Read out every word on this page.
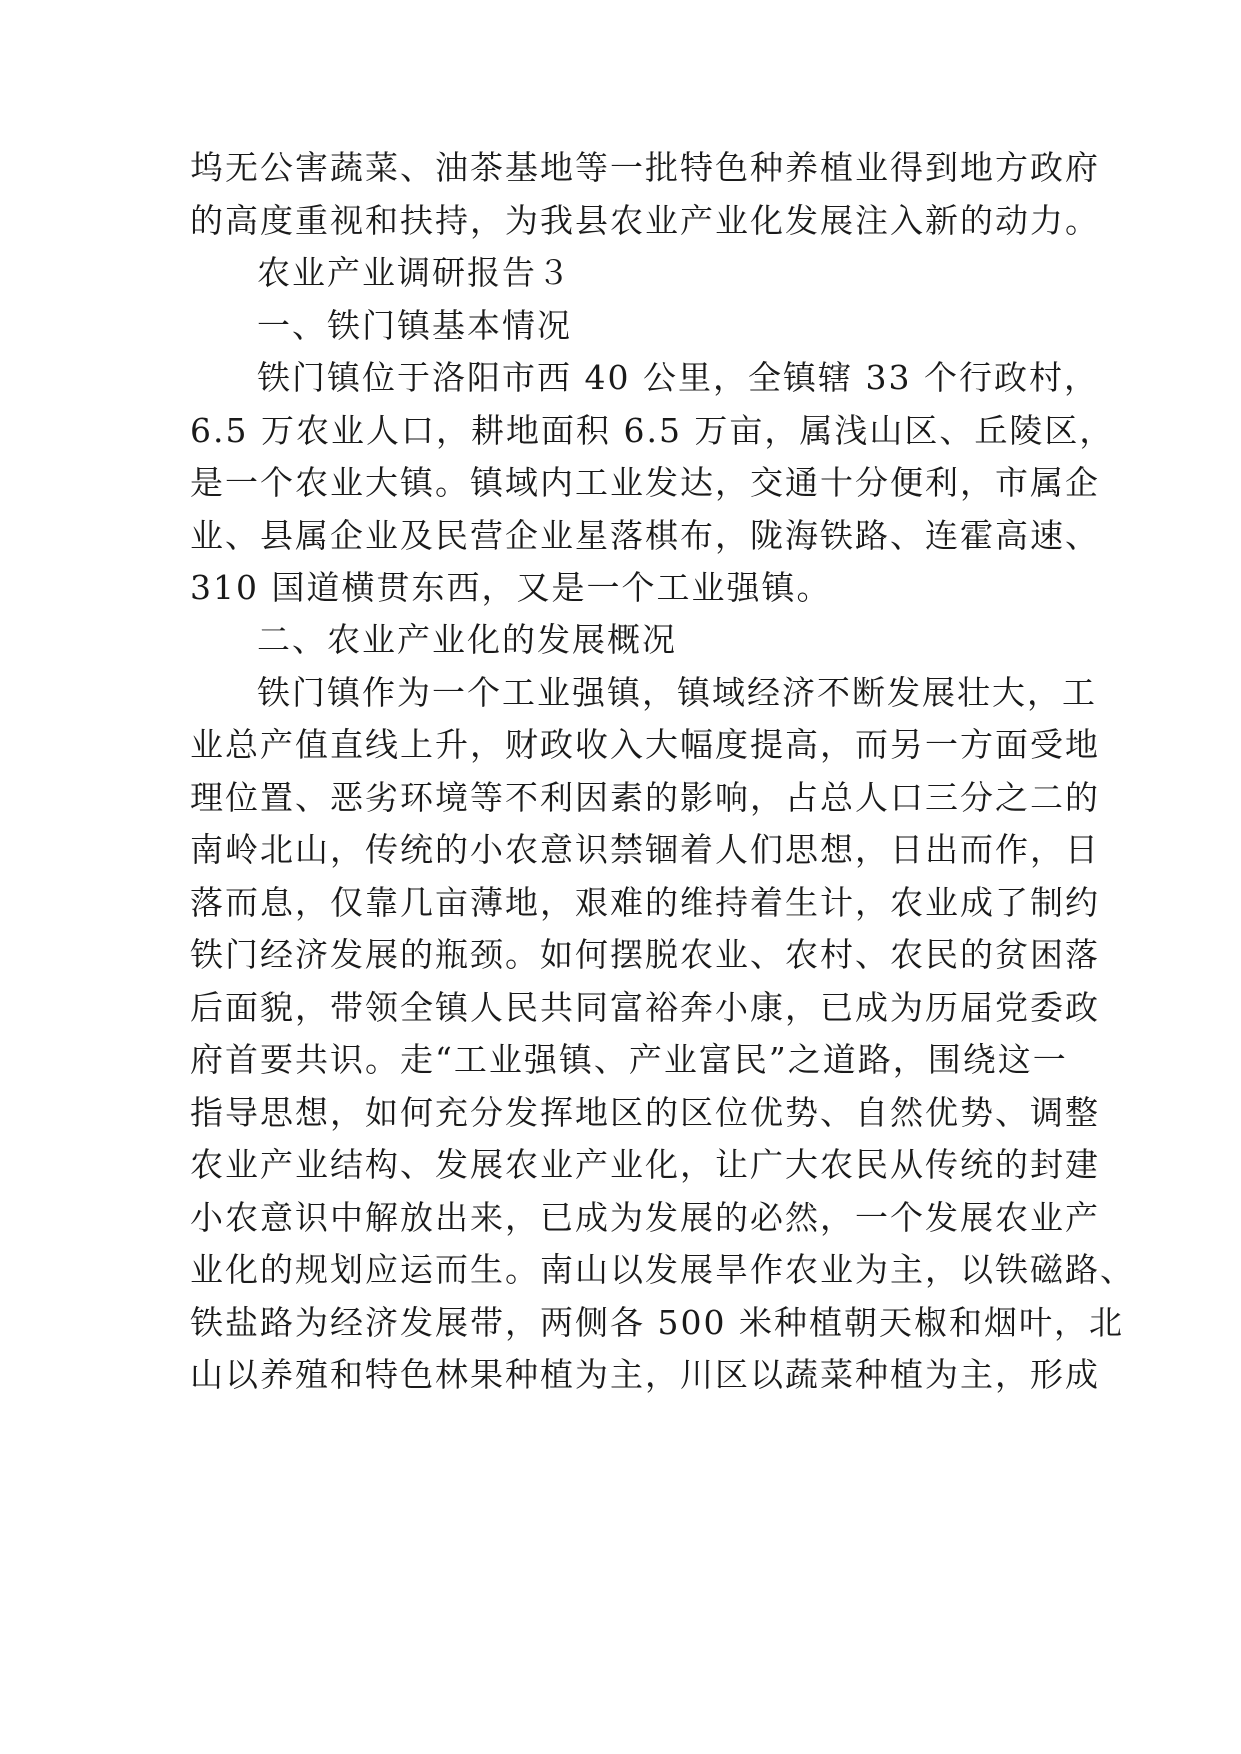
坞无公害蔬菜、油茶基地等一批特色种养植业得到地方政府

的高度重视和扶持，为我县农业产业化发展注入新的动力。

农业产业调研报告３

一、铁门镇基本情况

铁门镇位于洛阳市西 40 公里，全镇辖 33 个行政村，

6.5 万农业人口，耕地面积 6.5 万亩，属浅山区、丘陵区，

是一个农业大镇。镇域内工业发达，交通十分便利，市属企

业、县属企业及民营企业星落棋布，陇海铁路、连霍高速、

310 国道横贯东西，又是一个工业强镇。

二、农业产业化的发展概况

铁门镇作为一个工业强镇，镇域经济不断发展壮大，工

业总产值直线上升，财政收入大幅度提高，而另一方面受地

理位置、恶劣环境等不利因素的影响，占总人口三分之二的

南岭北山，传统的小农意识禁锢着人们思想，日出而作，日

落而息，仅靠几亩薄地，艰难的维持着生计，农业成了制约

铁门经济发展的瓶颈。如何摆脱农业、农村、农民的贫困落

后面貌，带领全镇人民共同富裕奔小康，已成为历届党委政

府首要共识。走“工业强镇、产业富民”之道路，围绕这一

指导思想，如何充分发挥地区的区位优势、自然优势、调整

农业产业结构、发展农业产业化，让广大农民从传统的封建

小农意识中解放出来，已成为发展的必然，一个发展农业产

业化的规划应运而生。南山以发展旱作农业为主，以铁磁路、

铁盐路为经济发展带，两侧各 500 米种植朝天椒和烟叶，北

山以养殖和特色林果种植为主，川区以蔬菜种植为主，形成
